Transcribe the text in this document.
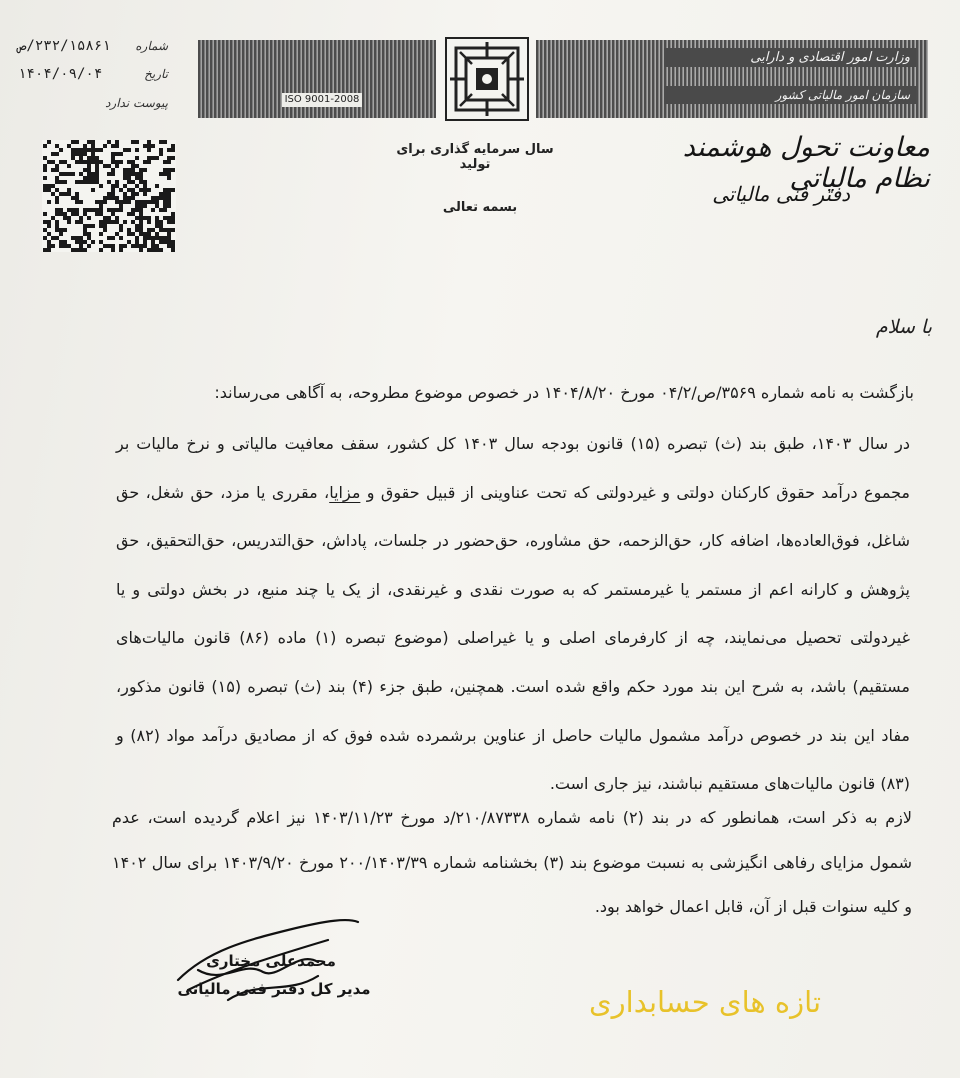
شماره
۲۳۲/۱۵۸۶۱/ص
تاریخ
۱۴۰۴/۰۹/۰۴
پیوست ندارد	ISO 9001-2008
وزارت امور اقتصادی و دارایی
سازمان امور مالیاتی کشور
سال سرمایه گذاری برای تولید
بسمه تعالی
معاونت تحول هوشمند نظام مالیاتی
دفتر فنی مالیاتی
با سلام
بازگشت به نامه شماره ۳۵۶۹/ص/۰۴/۲ مورخ ۱۴۰۴/۸/۲۰ در خصوص موضوع مطروحه، به آگاهی می‌رساند:
در سال ۱۴۰۳، طبق بند (ث) تبصره (۱۵) قانون بودجه سال ۱۴۰۳ کل کشور، سقف معافیت مالیاتی و نرخ مالیات بر مجموع درآمد حقوق کارکنان دولتی و غیردولتی که تحت عناوینی از قبیل حقوق و مزایا، مقرری یا مزد، حق شغل، حق شاغل، فوق‌العاده‌ها، اضافه کار، حق‌الزحمه، حق مشاوره، حق‌حضور در جلسات، پاداش، حق‌التدریس، حق‌التحقیق، حق پژوهش و کارانه اعم از مستمر یا غیرمستمر که به صورت نقدی و غیرنقدی، از یک یا چند منبع، در بخش دولتی و یا غیردولتی تحصیل می‌نمایند، چه از کارفرمای اصلی و یا غیراصلی (موضوع تبصره (۱) ماده (۸۶) قانون مالیات‌های مستقیم) باشد، به شرح این بند مورد حکم واقع شده است. همچنین، طبق جزء (۴) بند (ث) تبصره (۱۵) قانون مذکور، مفاد این بند در خصوص درآمد مشمول مالیات حاصل از عناوین برشمرده شده فوق که از مصادیق درآمد مواد (۸۲) و (۸۳) قانون مالیات‌های مستقیم نباشند، نیز جاری است.
لازم به ذکر است، همانطور که در بند (۲) نامه شماره ۲۱۰/۸۷۳۳۸/د مورخ ۱۴۰۳/۱۱/۲۳ نیز اعلام گردیده است، عدم شمول مزایای رفاهی انگیزشی به نسبت موضوع بند (۳) بخشنامه شماره ۲۰۰/۱۴۰۳/۳۹ مورخ ۱۴۰۳/۹/۲۰ برای سال ۱۴۰۲ و کلیه سنوات قبل از آن، قابل اعمال خواهد بود.
محمدعلی مختاری
مدیر کل دفتر فنی مالیاتی	تازه های حسابداری
